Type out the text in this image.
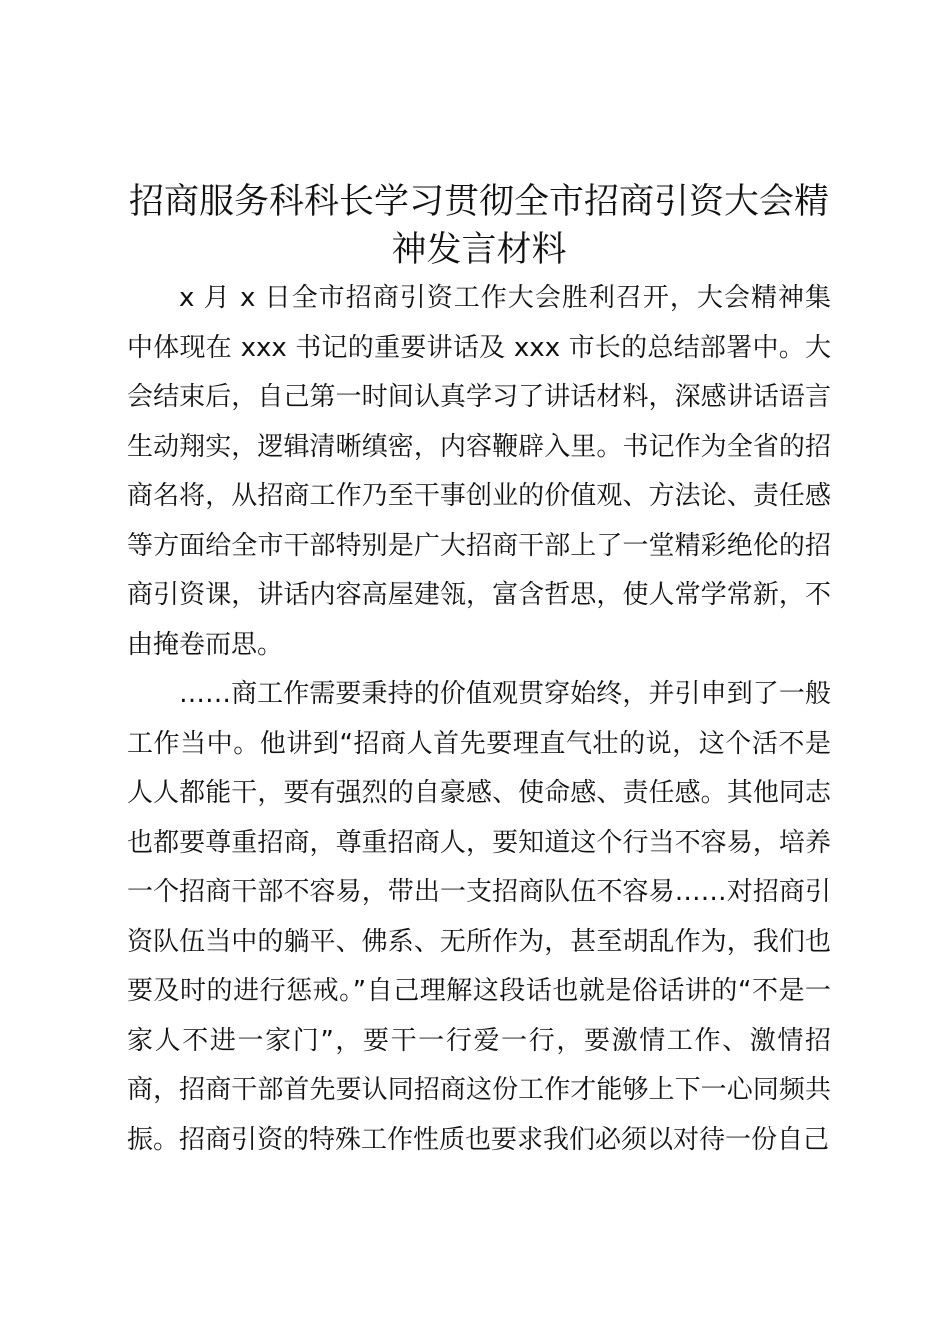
招商服务科科长学习贯彻全市招商引资大会精神发言材料

x 月 x 日全市招商引资工作大会胜利召开，大会精神集中体现在 xxx 书记的重要讲话及 xxx 市长的总结部署中。大会结束后，自己第一时间认真学习了讲话材料，深感讲话语言生动翔实，逻辑清晰缜密，内容鞭辟入里。书记作为全省的招商名将，从招商工作乃至干事创业的价值观、方法论、责任感等方面给全市干部特别是广大招商干部上了一堂精彩绝伦的招商引资课，讲话内容高屋建瓴，富含哲思，使人常学常新，不由掩卷而思。

……商工作需要秉持的价值观贯穿始终，并引申到了一般工作当中。他讲到“招商人首先要理直气壮的说，这个活不是人人都能干，要有强烈的自豪感、使命感、责任感。其他同志也都要尊重招商，尊重招商人，要知道这个行当不容易，培养一个招商干部不容易，带出一支招商队伍不容易……对招商引资队伍当中的躺平、佛系、无所作为，甚至胡乱作为，我们也要及时的进行惩戒。”自己理解这段话也就是俗话讲的“不是一家人不进一家门”，要干一行爱一行，要激情工作、激情招商，招商干部首先要认同招商这份工作才能够上下一心同频共振。招商引资的特殊工作性质也要求我们必须以对待一份自己
